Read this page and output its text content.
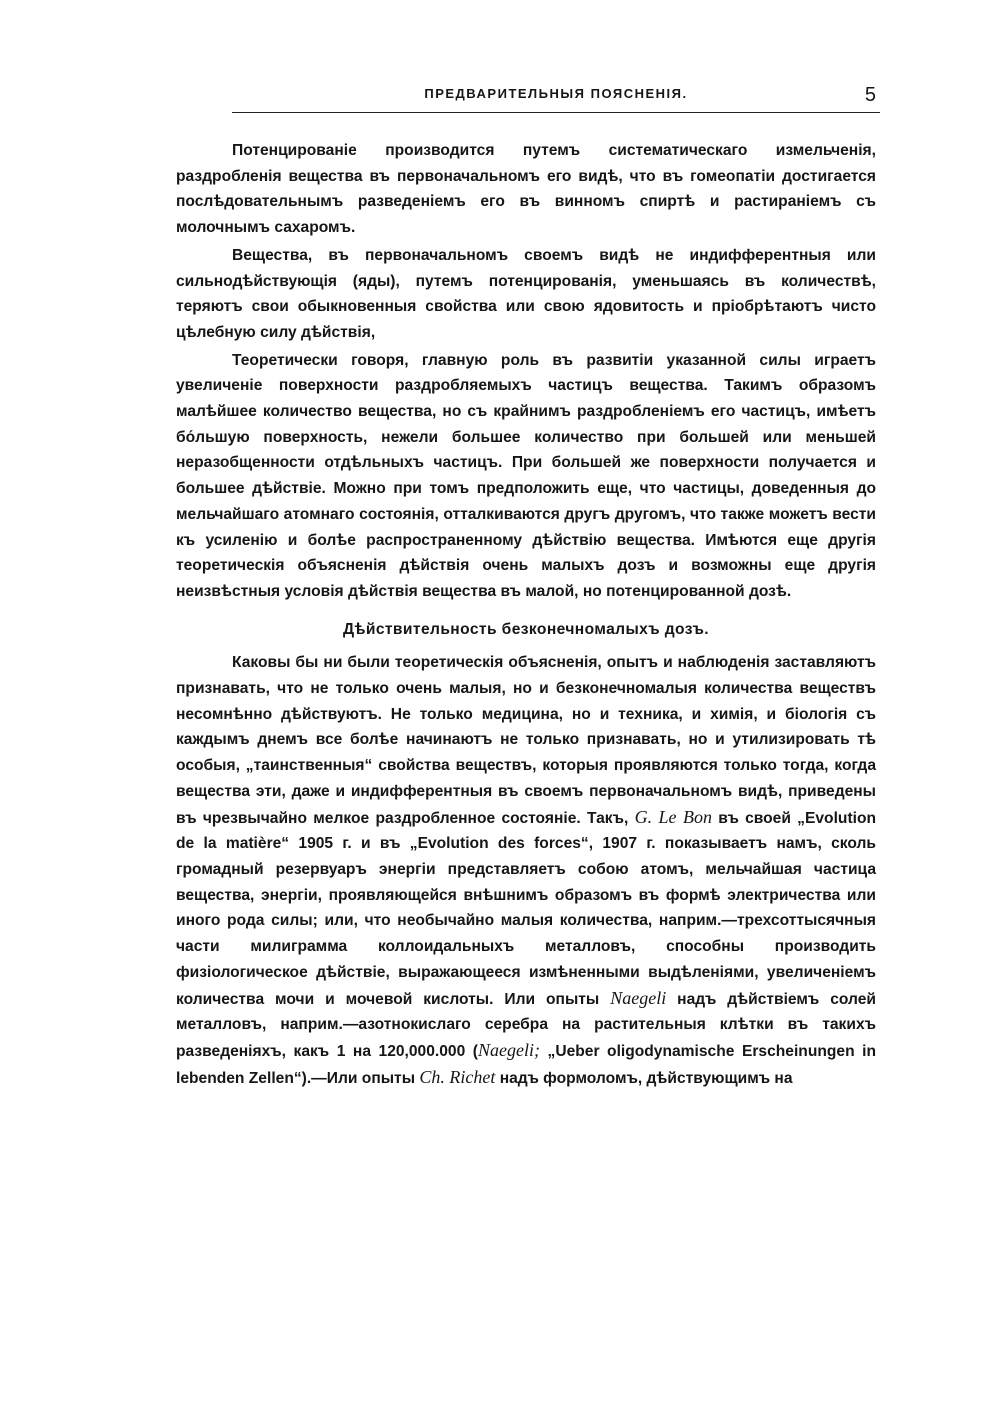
ПРЕДВАРИТЕЛЬНЫЯ ПОЯСНЕНІЯ.	5

Потенцированіе производится путемъ систематическаго измельченія, раздробленія вещества въ первоначальномъ его видѣ, что въ гомеопатіи достигается послѣдовательнымъ разведеніемъ его въ винномъ спиртѣ и растираніемъ съ молочнымъ сахаромъ.

Вещества, въ первоначальномъ своемъ видѣ не индифферентныя или сильнодѣйствующія (яды), путемъ потенцированія, уменьшаясь въ количествѣ, теряютъ свои обыкновенныя свойства или свою ядовитость и пріобрѣтаютъ чисто цѣлебную силу дѣйствія,

Теоретически говоря, главную роль въ развитіи указанной силы играетъ увеличеніе поверхности раздробляемыхъ частицъ вещества. Такимъ образомъ малѣйшее количество вещества, но съ крайнимъ раздробленіемъ его частицъ, имѣетъ бо́льшую поверхность, нежели большее количество при большей или меньшей неразобщенности отдѣльныхъ частицъ. При большей же поверхности получается и большее дѣйствіе. Можно при томъ предположить еще, что частицы, доведенныя до мельчайшаго атомнаго состоянія, отталкиваются другъ другомъ, что также можетъ вести къ усиленію и болѣе распространенному дѣйствію вещества. Имѣются еще другія теоретическія объясненія дѣйствія очень малыхъ дозъ и возможны еще другія неизвѣстныя условія дѣйствія вещества въ малой, но потенцированной дозѣ.

Дѣйствительность безконечномалыхъ дозъ.

Каковы бы ни были теоретическія объясненія, опытъ и наблюденія заставляютъ признавать, что не только очень малыя, но и безконечномалыя количества веществъ несомнѣнно дѣйствуютъ. Не только медицина, но и техника, и химія, и біологія съ каждымъ днемъ все болѣе начинаютъ не только признавать, но и утилизировать тѣ особыя, „таинственныя“ свойства веществъ, которыя проявляются только тогда, когда вещества эти, даже и индифферентныя въ своемъ первоначальномъ видѣ, приведены въ чрезвычайно мелкое раздробленное состояніе. Такъ, G. Le Bon въ своей „Evolution de la matière“ 1905 г. и въ „Evolution des forces“, 1907 г. показываетъ намъ, сколь громадный резервуаръ энергіи представляетъ собою атомъ, мельчайшая частица вещества, энергіи, проявляющейся внѣшнимъ образомъ въ формѣ электричества или иного рода силы; или, что необычайно малыя количества, наприм.—трехсоттысячныя части милиграмма коллоидальныхъ металловъ, способны производить физіологическое дѣйствіе, выражающееся измѣненными выдѣленіями, увеличеніемъ количества мочи и мочевой кислоты. Или опыты Naegeli надъ дѣйствіемъ солей металловъ, наприм.—азотнокислаго серебра на растительныя клѣтки въ такихъ разведеніяхъ, какъ 1 на 120,000.000 (Naegeli; „Ueber oligodynamische Erscheinungen in lebenden Zellen“).—Или опыты Ch. Richet надъ формоломъ, дѣйствующимъ на
